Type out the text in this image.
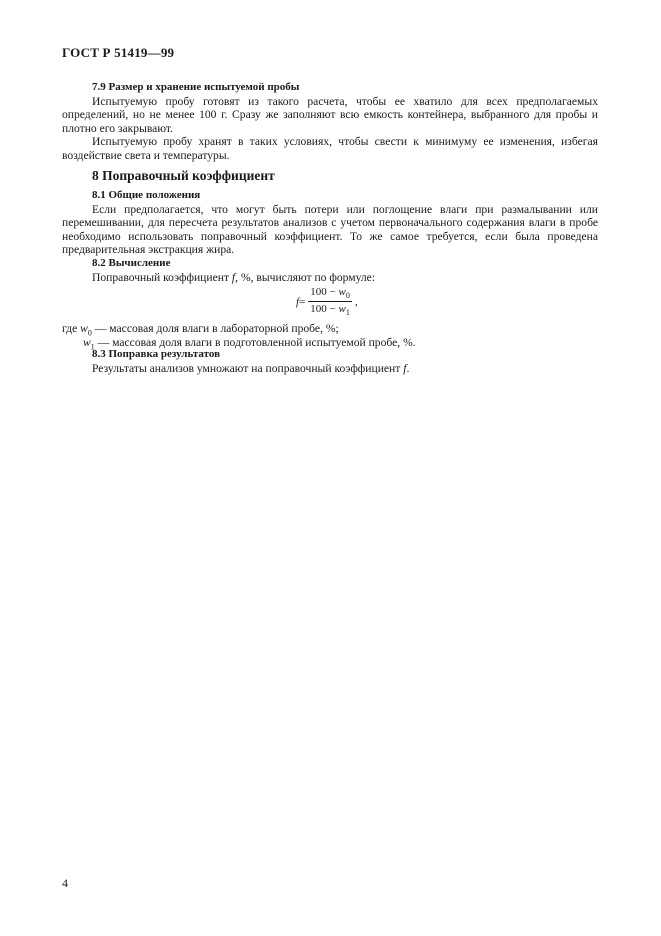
ГОСТ Р 51419—99
7.9 Размер и хранение испытуемой пробы

Испытуемую пробу готовят из такого расчета, чтобы ее хватило для всех предполагаемых определений, но не менее 100 г. Сразу же заполняют всю емкость контейнера, выбранного для пробы и плотно его закрывают.

Испытуемую пробу хранят в таких условиях, чтобы свести к минимуму ее изменения, избегая воздействие света и температуры.

8 Поправочный коэффициент
8.1 Общие положения

Если предполагается, что могут быть потери или поглощение влаги при размалывании или перемешивании, для пересчета результатов анализов с учетом первоначального содержания влаги в пробе необходимо использовать поправочный коэффициент. То же самое требуется, если была проведена предварительная экстракция жира.

8.2 Вычисление

Поправочный коэффициент f, %, вычисляют по формуле:

$f = \frac{100 - w_0}{100 - w_1}$ ,
где $w_0$ — массовая доля влаги в лабораторной пробе, %;
$w_1$ — массовая доля влаги в подготовленной испытуемой пробе, %.
8.3 Поправка результатов

Результаты анализов умножают на поправочный коэффициент f.

4
